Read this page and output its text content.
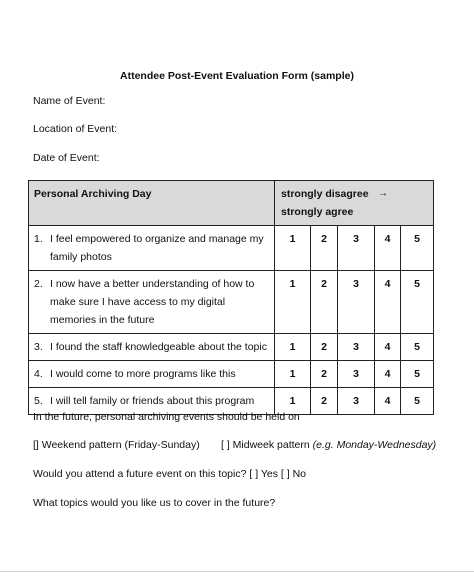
Attendee Post-Event Evaluation Form (sample)
Name of Event:
Location of Event:
Date of Event:
Personal Archiving Day	strongly disagree →
strongly agree				

1. I feel empowered to organize and manage my family photos	1	2	3	4	5

2. I now have a better understanding of how to make sure I have access to my digital memories in the future	1	2	3	4	5

3. I found the staff knowledgeable about the topic	1	2	3	4	5

4. I would come to more programs like this	1	2	3	4	5

5. I will tell family or friends about this program	1	2	3	4	5
In the future, personal archiving events should be held on
[] Weekend pattern (Friday-Sunday) [ ] Midweek pattern (e.g. Monday-Wednesday)
Would you attend a future event on this topic? [ ] Yes [ ] No
What topics would you like us to cover in the future?
